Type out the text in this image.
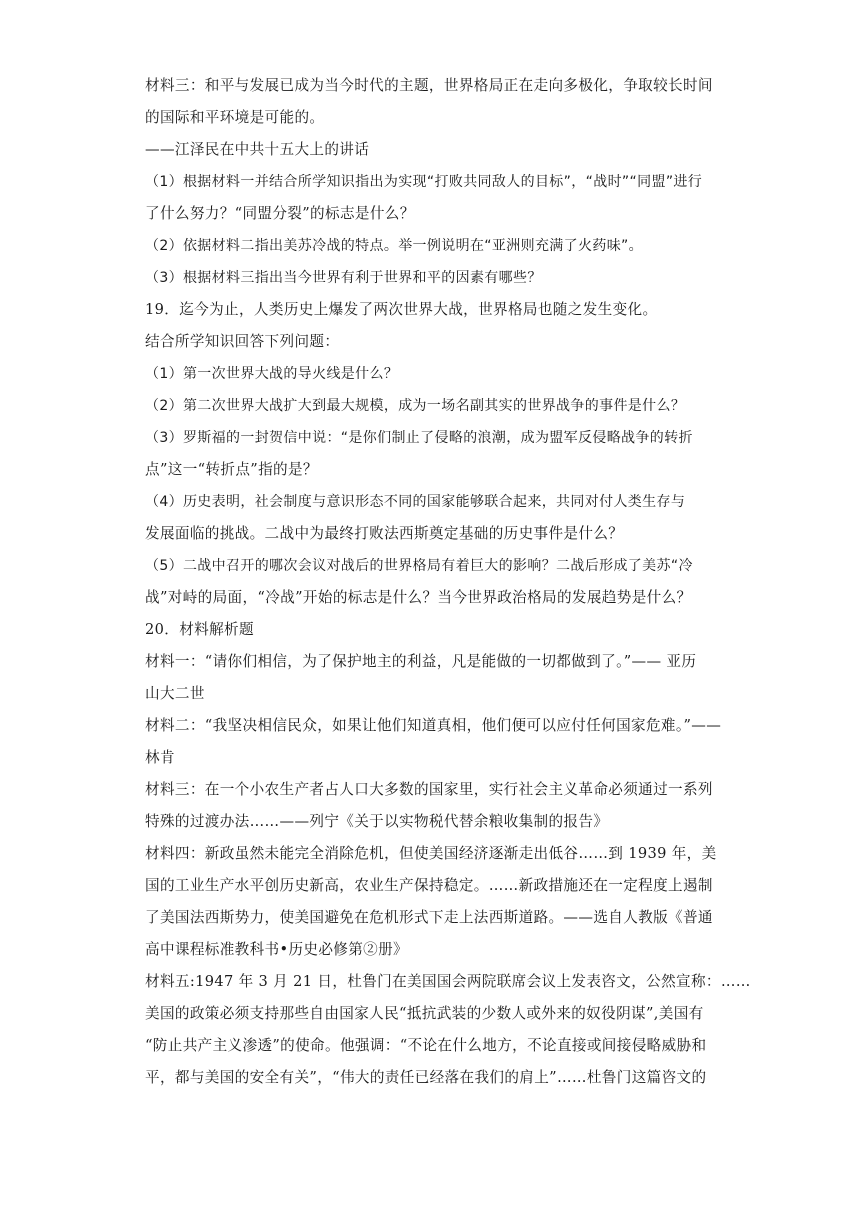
材料三：和平与发展已成为当今时代的主题，世界格局正在走向多极化，争取较长时间
的国际和平环境是可能的。
——江泽民在中共十五大上的讲话
（1）根据材料一并结合所学知识指出为实现“打败共同敌人的目标”，“战时”“同盟”进行
了什么努力？“同盟分裂”的标志是什么？
（2）依据材料二指出美苏冷战的特点。举一例说明在“亚洲则充满了火药味”。
（3）根据材料三指出当今世界有利于世界和平的因素有哪些？
19．迄今为止，人类历史上爆发了两次世界大战，世界格局也随之发生变化。
结合所学知识回答下列问题：
（1）第一次世界大战的导火线是什么？
（2）第二次世界大战扩大到最大规模，成为一场名副其实的世界战争的事件是什么？
（3）罗斯福的一封贺信中说：“是你们制止了侵略的浪潮，成为盟军反侵略战争的转折
点”这一“转折点”指的是？
（4）历史表明，社会制度与意识形态不同的国家能够联合起来，共同对付人类生存与
发展面临的挑战。二战中为最终打败法西斯奠定基础的历史事件是什么？
（5）二战中召开的哪次会议对战后的世界格局有着巨大的影响？二战后形成了美苏“冷
战”对峙的局面，“冷战”开始的标志是什么？当今世界政治格局的发展趋势是什么？
20．材料解析题
材料一：“请你们相信，为了保护地主的利益，凡是能做的一切都做到了。”—— 亚历
山大二世
材料二：“我坚决相信民众，如果让他们知道真相，他们便可以应付任何国家危难。”——
林肯
材料三：在一个小农生产者占人口大多数的国家里，实行社会主义革命必须通过一系列
特殊的过渡办法……——列宁《关于以实物税代替余粮收集制的报告》
材料四：新政虽然未能完全消除危机，但使美国经济逐渐走出低谷……到 1939 年，美
国的工业生产水平创历史新高，农业生产保持稳定。……新政措施还在一定程度上遏制
了美国法西斯势力，使美国避免在危机形式下走上法西斯道路。——选自人教版《普通
高中课程标准教科书•历史必修第②册》
材料五:1947 年 3 月 21 日，杜鲁门在美国国会两院联席会议上发表咨文，公然宣称：……
美国的政策必须支持那些自由国家人民“抵抗武装的少数人或外来的奴役阴谋”,美国有
“防止共产主义渗透”的使命。他强调：“不论在什么地方，不论直接或间接侵略威胁和
平，都与美国的安全有关”，“伟大的责任已经落在我们的肩上”……杜鲁门这篇咨文的
